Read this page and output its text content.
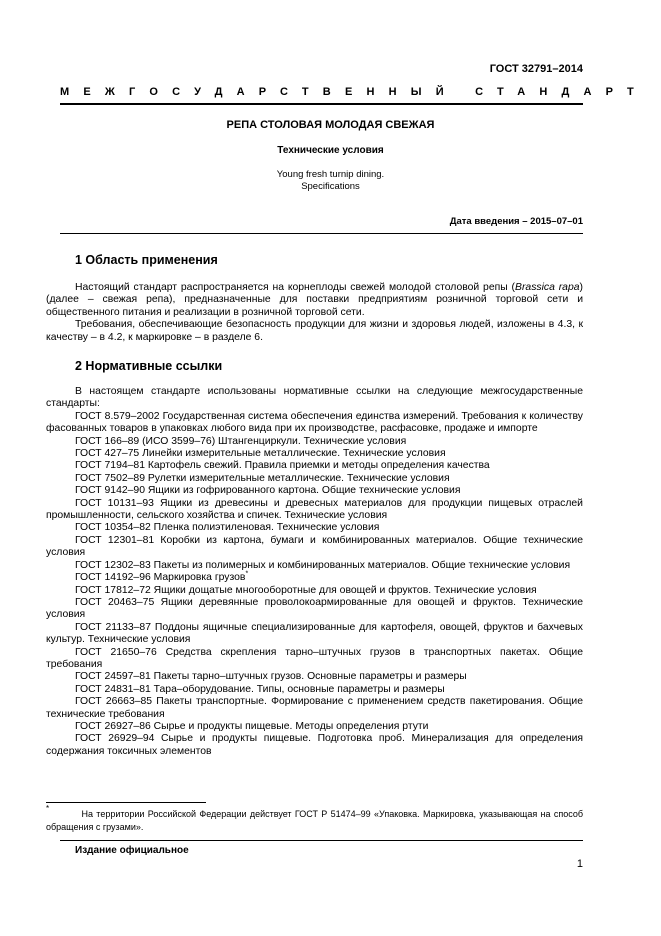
ГОСТ 32791–2014
МЕЖГОСУДАРСТВЕННЫЙ СТАНДАРТ
РЕПА СТОЛОВАЯ МОЛОДАЯ СВЕЖАЯ
Технические условия
Young fresh turnip dining.
Specifications
Дата введения – 2015–07–01
1 Область применения

Настоящий стандарт распространяется на корнеплоды свежей молодой столовой репы (Brassica rapa) (далее – свежая репа), предназначенные для поставки предприятиям розничной торговой сети и общественного питания и реализации в розничной торговой сети.

Требования, обеспечивающие безопасность продукции для жизни и здоровья людей, изложены в 4.3, к качеству – в 4.2, к маркировке – в разделе 6.

2 Нормативные ссылки

В настоящем стандарте использованы нормативные ссылки на следующие межгосударственные стандарты:

ГОСТ 8.579–2002 Государственная система обеспечения единства измерений. Требования к количеству фасованных товаров в упаковках любого вида при их производстве, расфасовке, продаже и импорте

ГОСТ 166–89 (ИСО 3599–76) Штангенциркули. Технические условия

ГОСТ 427–75 Линейки измерительные металлические. Технические условия

ГОСТ 7194–81 Картофель свежий. Правила приемки и методы определения качества

ГОСТ 7502–89 Рулетки измерительные металлические. Технические условия

ГОСТ 9142–90 Ящики из гофрированного картона. Общие технические условия

ГОСТ 10131–93 Ящики из древесины и древесных материалов для продукции пищевых отраслей промышленности, сельского хозяйства и спичек. Технические условия

ГОСТ 10354–82 Пленка полиэтиленовая. Технические условия

ГОСТ 12301–81 Коробки из картона, бумаги и комбинированных материалов. Общие технические условия

ГОСТ 12302–83 Пакеты из полимерных и комбинированных материалов. Общие технические условия

ГОСТ 14192–96 Маркировка грузов*

ГОСТ 17812–72 Ящики дощатые многооборотные для овощей и фруктов. Технические условия

ГОСТ 20463–75 Ящики деревянные проволокоармированные для овощей и фруктов. Технические условия

ГОСТ 21133–87 Поддоны ящичные специализированные для картофеля, овощей, фруктов и бахчевых культур. Технические условия

ГОСТ 21650–76 Средства скрепления тарно–штучных грузов в транспортных пакетах. Общие требования

ГОСТ 24597–81 Пакеты тарно–штучных грузов. Основные параметры и размеры

ГОСТ 24831–81 Тара–оборудование. Типы, основные параметры и размеры

ГОСТ 26663–85 Пакеты транспортные. Формирование с применением средств пакетирования. Общие технические требования

ГОСТ 26927–86 Сырье и продукты пищевые. Методы определения ртути

ГОСТ 26929–94 Сырье и продукты пищевые. Подготовка проб. Минерализация для определения содержания токсичных элементов

* На территории Российской Федерации действует ГОСТ Р 51474–99 «Упаковка. Маркировка, указывающая на способ обращения с грузами».
Издание официальное
1
